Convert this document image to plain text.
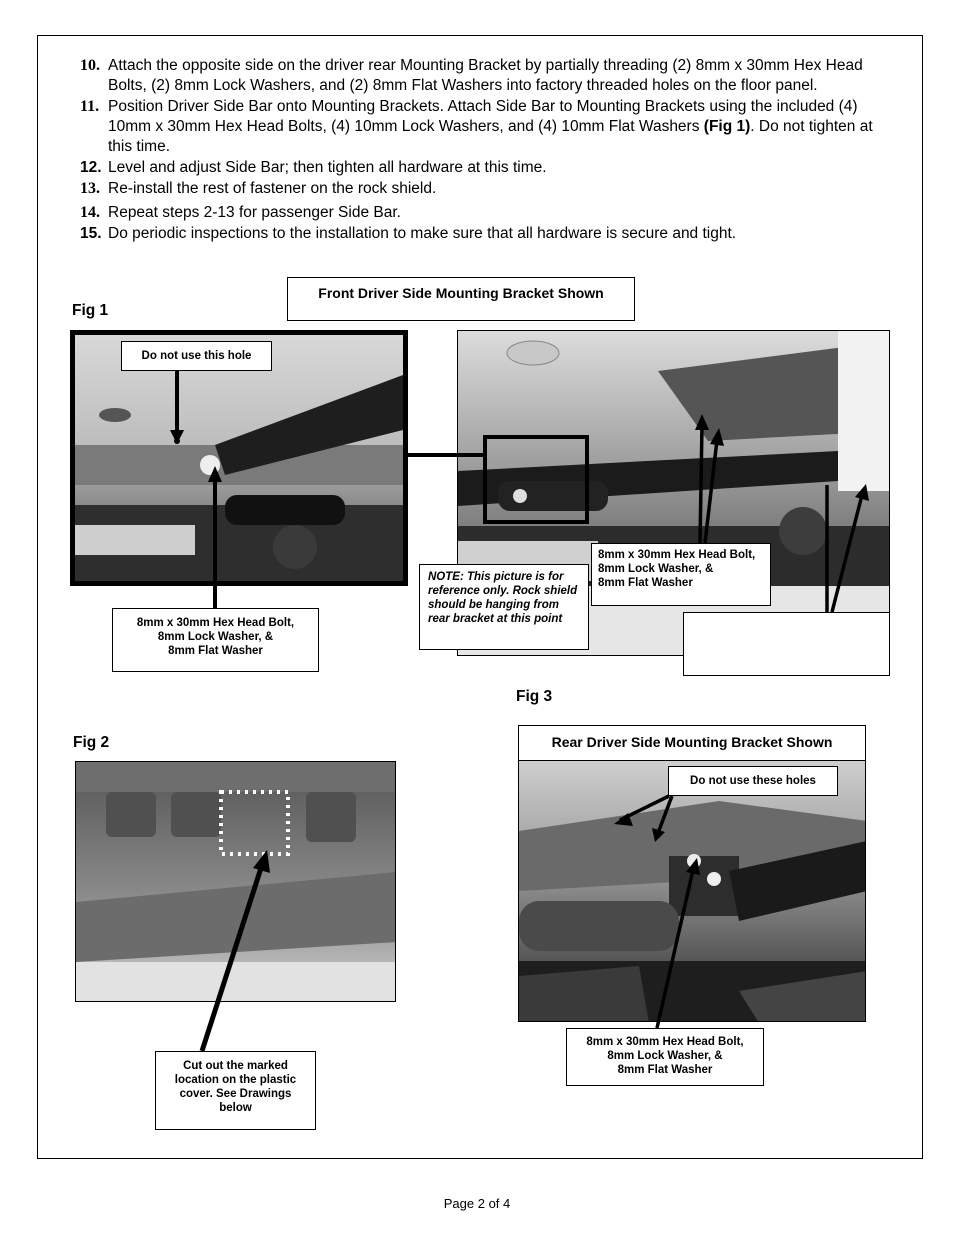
10. Attach the opposite side on the driver rear Mounting Bracket by partially threading (2) 8mm x 30mm Hex Head Bolts, (2) 8mm Lock Washers, and (2) 8mm Flat Washers into factory threaded holes on the floor panel.
11. Position Driver Side Bar onto Mounting Brackets. Attach Side Bar to Mounting Brackets using the included (4) 10mm x 30mm Hex Head Bolts, (4) 10mm Lock Washers, and (4) 10mm Flat Washers (Fig 1). Do not tighten at this time.
12. Level and adjust Side Bar; then tighten all hardware at this time.
13. Re-install the rest of fastener on the rock shield.
14. Repeat steps 2-13 for passenger Side Bar.
15. Do periodic inspections to the installation to make sure that all hardware is secure and tight.
Front Driver Side Mounting Bracket Shown
Fig 1
Do not use this hole
8mm x 30mm Hex Head Bolt,
8mm Lock Washer, &
8mm Flat Washer
NOTE: This picture is for reference only. Rock shield should be hanging from rear bracket at this point
8mm x 30mm Hex Head Bolt,
8mm Lock Washer, &
8mm Flat Washer
Fig 3
Rear Driver Side Mounting Bracket Shown
Do not use these holes
8mm x 30mm Hex Head Bolt,
8mm Lock Washer, &
8mm Flat Washer
Fig 2
Cut out the marked location on the plastic cover. See Drawings below
Page 2 of 4
